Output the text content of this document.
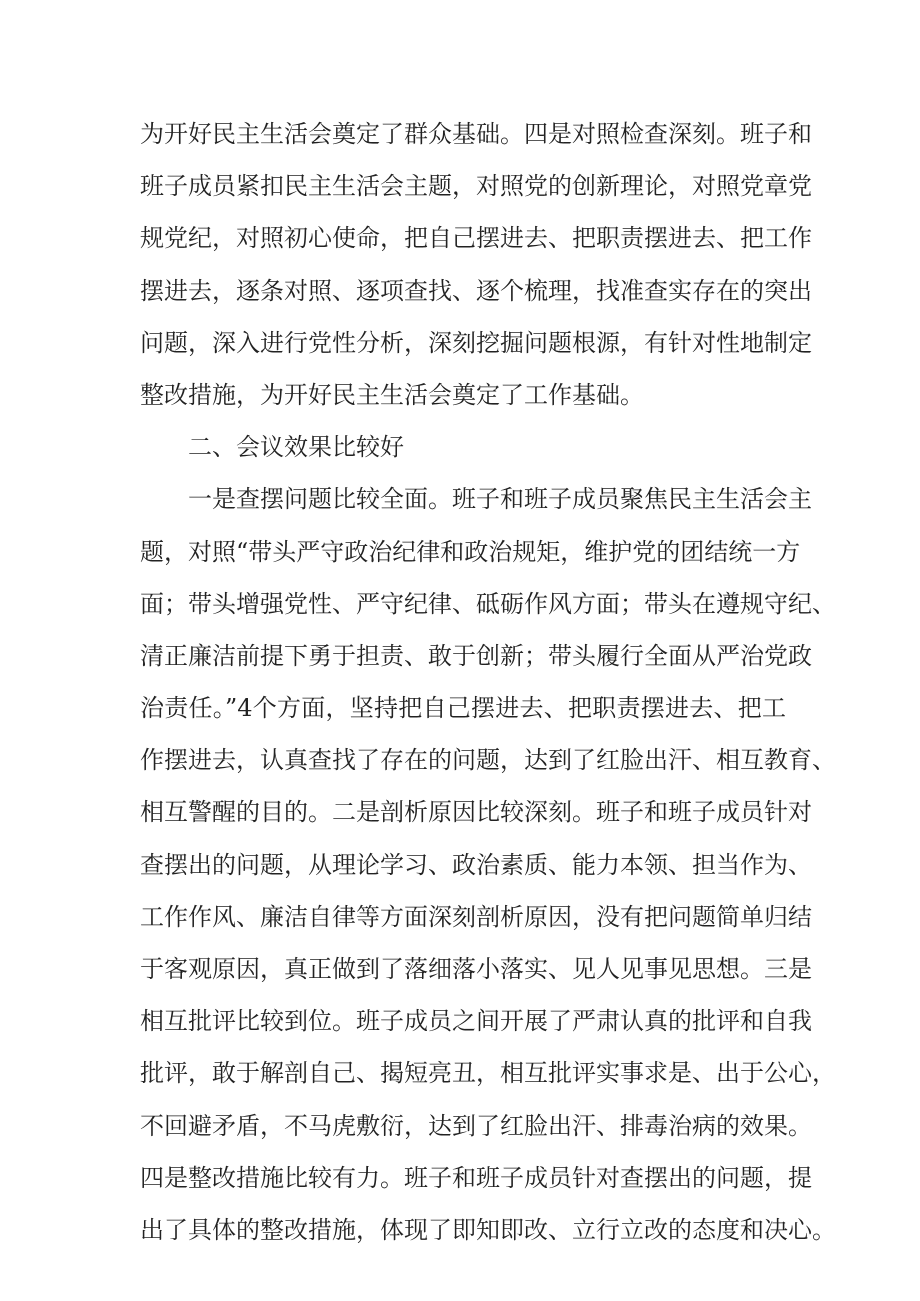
为开好民主生活会奠定了群众基础。四是对照检查深刻。班子和
班子成员紧扣民主生活会主题，对照党的创新理论，对照党章党
规党纪，对照初心使命，把自己摆进去、把职责摆进去、把工作
摆进去，逐条对照、逐项查找、逐个梳理，找准查实存在的突出
问题，深入进行党性分析，深刻挖掘问题根源，有针对性地制定
整改措施，为开好民主生活会奠定了工作基础。
二、会议效果比较好
一是查摆问题比较全面。班子和班子成员聚焦民主生活会主
题，对照“带头严守政治纪律和政治规矩，维护党的团结统一方
面；带头增强党性、严守纪律、砥砺作风方面；带头在遵规守纪、
清正廉洁前提下勇于担责、敢于创新；带头履行全面从严治党政
治责任。”4个方面，坚持把自己摆进去、把职责摆进去、把工
作摆进去，认真查找了存在的问题，达到了红脸出汗、相互教育、
相互警醒的目的。二是剖析原因比较深刻。班子和班子成员针对
查摆出的问题，从理论学习、政治素质、能力本领、担当作为、
工作作风、廉洁自律等方面深刻剖析原因，没有把问题简单归结
于客观原因，真正做到了落细落小落实、见人见事见思想。三是
相互批评比较到位。班子成员之间开展了严肃认真的批评和自我
批评，敢于解剖自己、揭短亮丑，相互批评实事求是、出于公心，
不回避矛盾，不马虎敷衍，达到了红脸出汗、排毒治病的效果。
四是整改措施比较有力。班子和班子成员针对查摆出的问题，提
出了具体的整改措施，体现了即知即改、立行立改的态度和决心。
